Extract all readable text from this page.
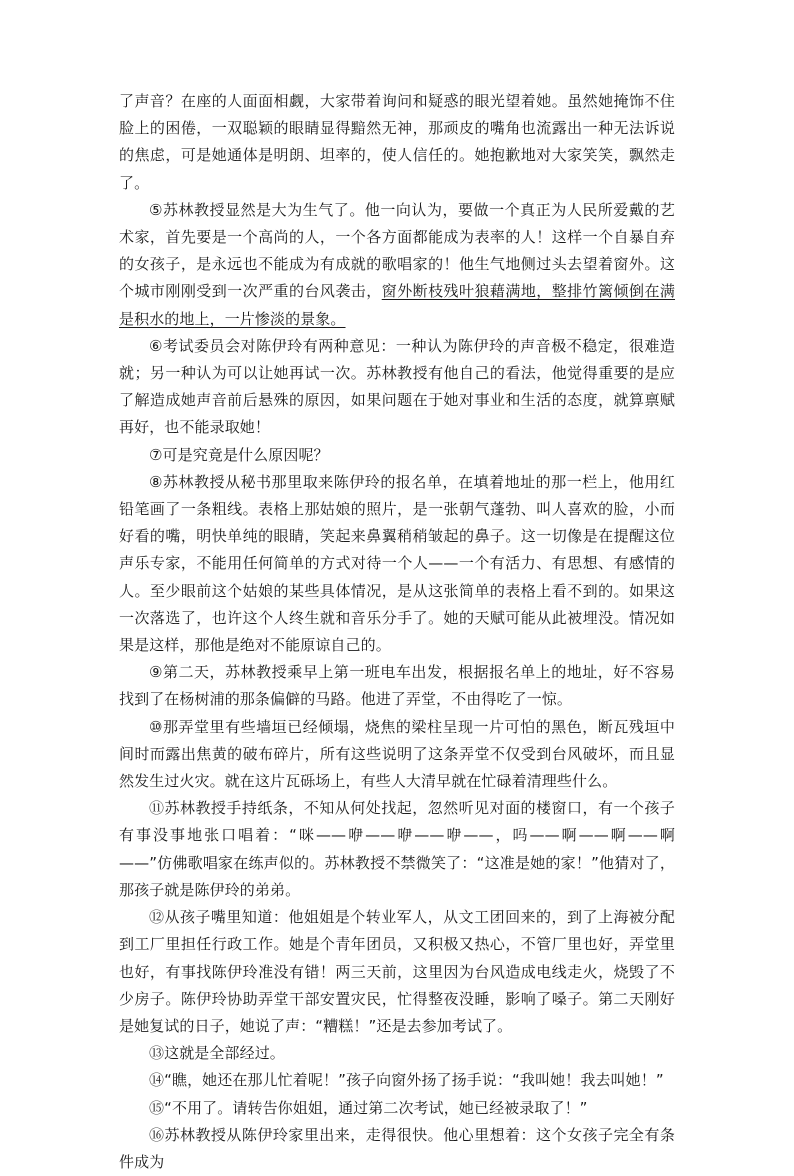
了声音？在座的人面面相觑，大家带着询问和疑惑的眼光望着她。虽然她掩饰不住脸上的困倦，一双聪颖的眼睛显得黯然无神，那顽皮的嘴角也流露出一种无法诉说的焦虑，可是她通体是明朗、坦率的，使人信任的。她抱歉地对大家笑笑，飘然走了。

⑤苏林教授显然是大为生气了。他一向认为，要做一个真正为人民所爱戴的艺术家，首先要是一个高尚的人，一个各方面都能成为表率的人！这样一个自暴自弃的女孩子，是永远也不能成为有成就的歌唱家的！他生气地侧过头去望着窗外。这个城市刚刚受到一次严重的台风袭击，窗外断枝残叶狼藉满地，整排竹篱倾倒在满是积水的地上，一片惨淡的景象。

⑥考试委员会对陈伊玲有两种意见：一种认为陈伊玲的声音极不稳定，很难造就；另一种认为可以让她再试一次。苏林教授有他自己的看法，他觉得重要的是应了解造成她声音前后悬殊的原因，如果问题在于她对事业和生活的态度，就算禀赋再好，也不能录取她！

⑦可是究竟是什么原因呢？

⑧苏林教授从秘书那里取来陈伊玲的报名单，在填着地址的那一栏上，他用红铅笔画了一条粗线。表格上那姑娘的照片，是一张朝气蓬勃、叫人喜欢的脸，小而好看的嘴，明快单纯的眼睛，笑起来鼻翼稍稍皱起的鼻子。这一切像是在提醒这位声乐专家，不能用任何简单的方式对待一个人——一个有活力、有思想、有感情的人。至少眼前这个姑娘的某些具体情况，是从这张简单的表格上看不到的。如果这一次落选了，也许这个人终生就和音乐分手了。她的天赋可能从此被埋没。情况如果是这样，那他是绝对不能原谅自己的。

⑨第二天，苏林教授乘早上第一班电车出发，根据报名单上的地址，好不容易找到了在杨树浦的那条偏僻的马路。他进了弄堂，不由得吃了一惊。

⑩那弄堂里有些墙垣已经倾塌，烧焦的梁柱呈现一片可怕的黑色，断瓦残垣中间时而露出焦黄的破布碎片，所有这些说明了这条弄堂不仅受到台风破坏，而且显然发生过火灾。就在这片瓦砾场上，有些人大清早就在忙碌着清理些什么。

⑪苏林教授手持纸条，不知从何处找起，忽然听见对面的楼窗口，有一个孩子有事没事地张口唱着：“咪——咿——咿——咿——，吗——啊——啊——啊——”仿佛歌唱家在练声似的。苏林教授不禁微笑了：“这准是她的家！”他猜对了，那孩子就是陈伊玲的弟弟。

⑫从孩子嘴里知道：他姐姐是个转业军人，从文工团回来的，到了上海被分配到工厂里担任行政工作。她是个青年团员，又积极又热心，不管厂里也好，弄堂里也好，有事找陈伊玲准没有错！两三天前，这里因为台风造成电线走火，烧毁了不少房子。陈伊玲协助弄堂干部安置灾民，忙得整夜没睡，影响了嗓子。第二天刚好是她复试的日子，她说了声：“糟糕！”还是去参加考试了。

⑬这就是全部经过。

⑭“瞧，她还在那儿忙着呢！”孩子向窗外扬了扬手说：“我叫她！我去叫她！”

⑮“不用了。请转告你姐姐，通过第二次考试，她已经被录取了！”

⑯苏林教授从陈伊玲家里出来，走得很快。他心里想着：这个女孩子完全有条件成为
